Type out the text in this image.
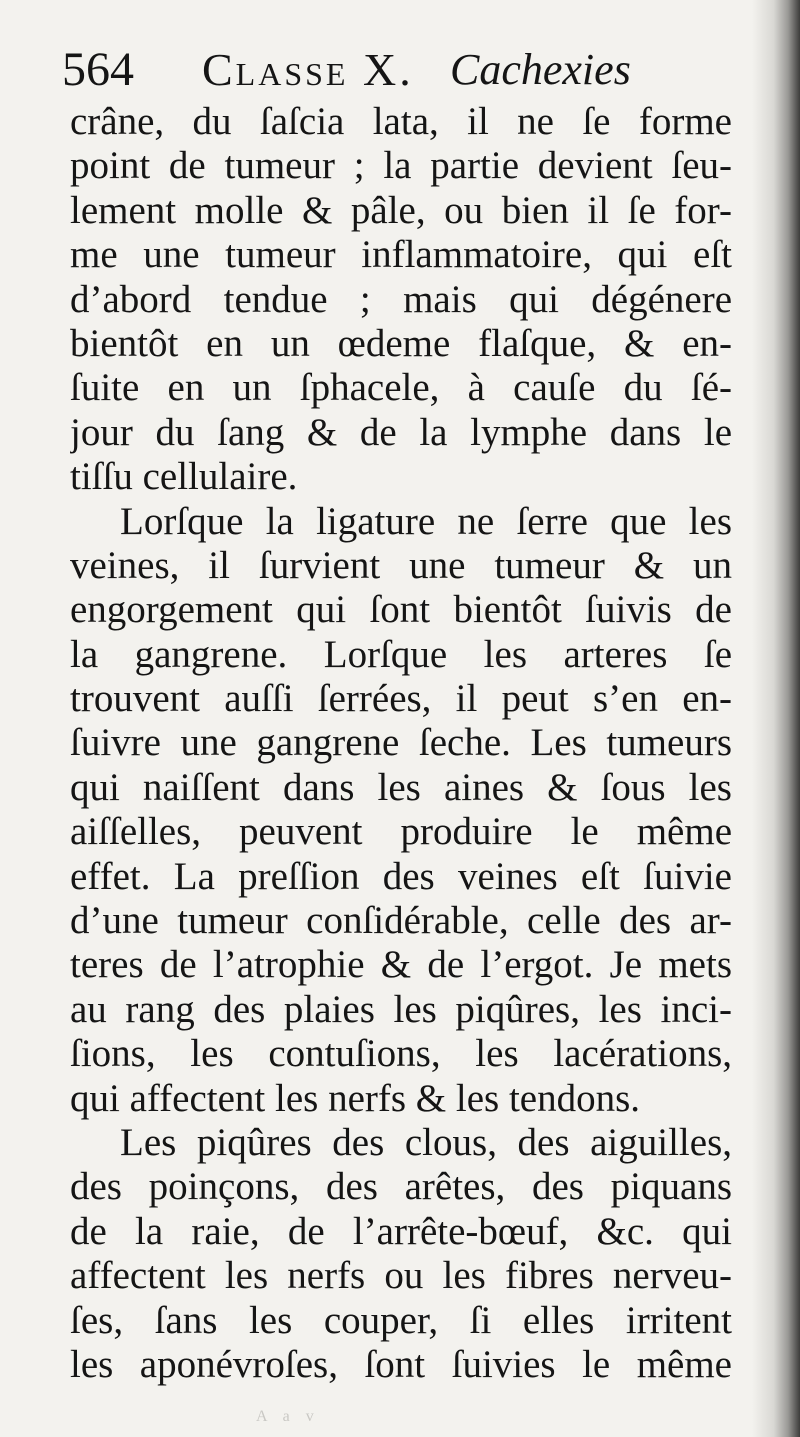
564 Classe X. Cachexies
crâne, du ſaſcia lata, il ne ſe forme
point de tumeur ; la partie devient ſeu-
lement molle & pâle, ou bien il ſe for-
me une tumeur inflammatoire, qui eſt
d’abord tendue ; mais qui dégénere
bientôt en un œdeme flaſque, & en-
ſuite en un ſphacele, à cauſe du ſé-
jour du ſang & de la lymphe dans le
tiſſu cellulaire.
Lorſque la ligature ne ſerre que les
veines, il ſurvient une tumeur & un
engorgement qui ſont bientôt ſuivis de
la gangrene. Lorſque les arteres ſe
trouvent auſſi ſerrées, il peut s’en en-
ſuivre une gangrene ſeche. Les tumeurs
qui naiſſent dans les aines & ſous les
aiſſelles, peuvent produire le même
effet. La preſſion des veines eſt ſuivie
d’une tumeur conſidérable, celle des ar-
teres de l’atrophie & de l’ergot. Je mets
au rang des plaies les piqûres, les inci-
ſions, les contuſions, les lacérations,
qui affectent les nerfs & les tendons.
Les piqûres des clous, des aiguilles,
des poinçons, des arêtes, des piquans
de la raie, de l’arrête-bœuf, &c. qui
affectent les nerfs ou les fibres nerveu-
ſes, ſans les couper, ſi elles irritent
les aponévroſes, ſont ſuivies le même
A a v
